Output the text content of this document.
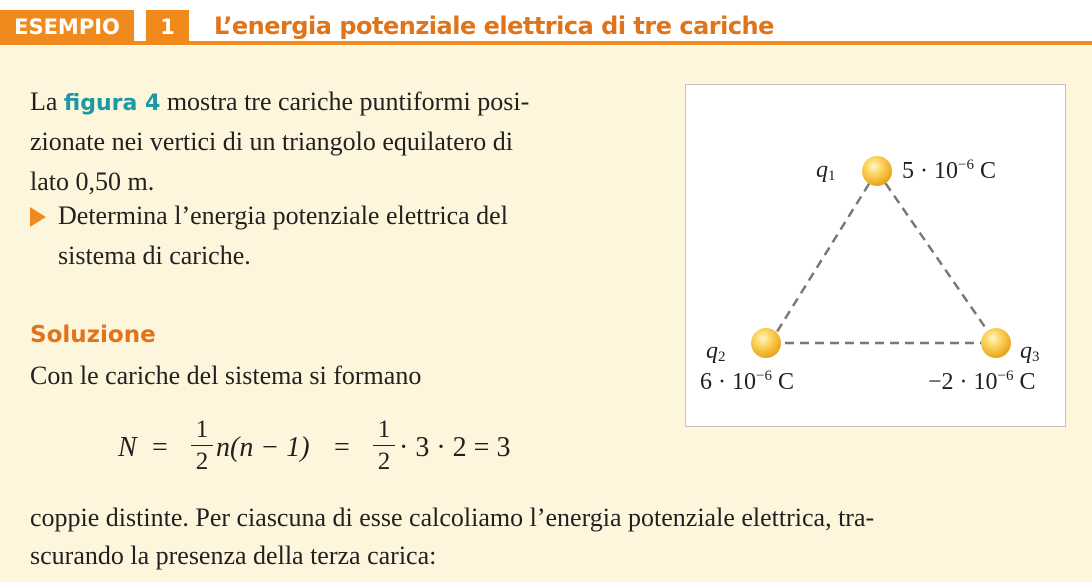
ESEMPIO	1	L’energia potenziale elettrica di tre cariche
La figura 4 mostra tre cariche puntiformi posi-
zionate nei vertici di un triangolo equilatero di
lato 0,50 m.
Determina l’energia potenziale elettrica del
sistema di cariche.
Soluzione
Con le cariche del sistema si formano
N =
1
2 n(n − 1) =
1
2 · 3 · 2 = 3
coppie distinte. Per ciascuna di esse calcoliamo l’energia potenziale elettrica, tra-
scurando la presenza della terza carica:
$q_1$	$5 \cdot 10^{-6}$ C
$q_2$
$6 \cdot 10^{-6}$ C
$q_3$
$-2 \cdot 10^{-6}$ C
